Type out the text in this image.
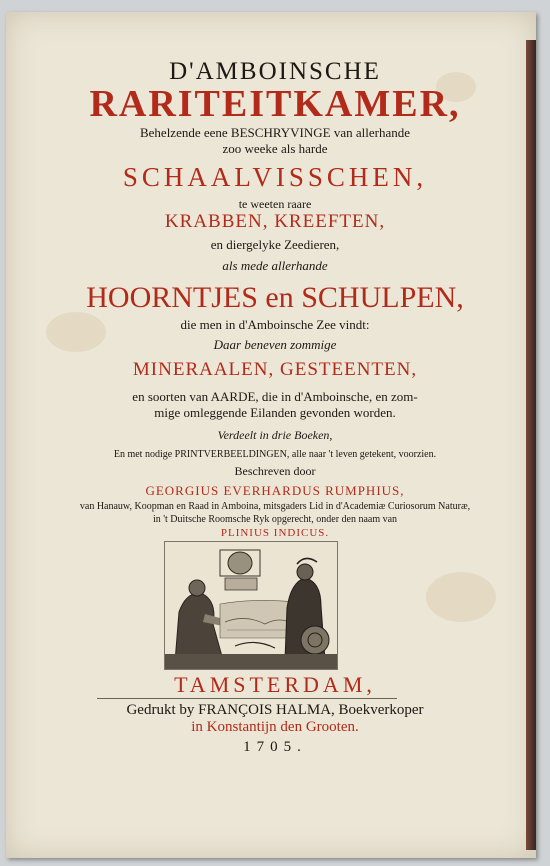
D'AMBOINSCHE
RARITEITKAMER,
Behelzende eene BESCHRYVINGE van allerhande
zoo weeke als harde
SCHAALVISSCHEN,
te weeten raare
KRABBEN, KREEFTEN,
en diergelyke Zeedieren,
als mede allerhande
HOORNTJES en SCHULPEN,
die men in d'Amboinsche Zee vindt:
Daar beneven zommige
MINERAALEN, GESTEENTEN,
en soorten van AARDE, die in d'Amboinsche, en zom-
mige omleggende Eilanden gevonden worden.
Verdeelt in drie Boeken,
En met nodige PRINTVERBEELDINGEN, alle naar 't leven getekent, voorzien.
Beschreven door
GEORGIUS EVERHARDUS RUMPHIUS,
van Hanauw, Koopman en Raad in Amboina, mitsgaders Lid in d'Academiæ Curiosorum Naturæ,
in 't Duitsche Roomsche Ryk opgerecht, onder den naam van
PLINIUS INDICUS.
TAMSTERDAM,
Gedrukt by FRANÇOIS HALMA, Boekverkoper
in Konstantijn den Grooten.
1705.
